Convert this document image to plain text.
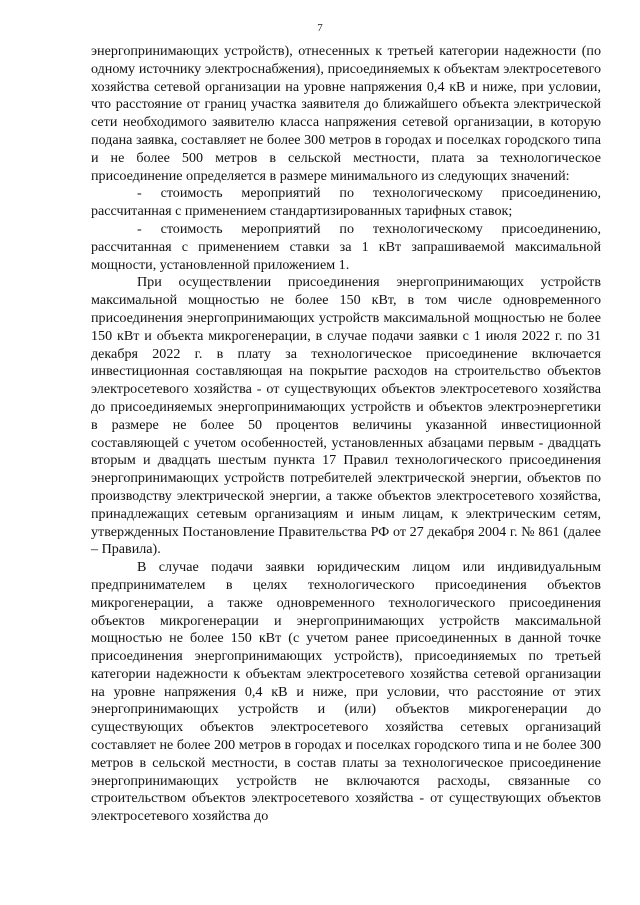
7

энергопринимающих устройств), отнесенных к третьей категории надежности (по одному источнику электроснабжения), присоединяемых к объектам электросетевого хозяйства сетевой организации на уровне напряжения 0,4 кВ и ниже, при условии, что расстояние от границ участка заявителя до ближайшего объекта электрической сети необходимого заявителю класса напряжения сетевой организации, в которую подана заявка, составляет не более 300 метров в городах и поселках городского типа и не более 500 метров в сельской местности, плата за технологическое присоединение определяется в размере минимального из следующих значений:

- стоимость мероприятий по технологическому присоединению, рассчитанная с применением стандартизированных тарифных ставок;

- стоимость мероприятий по технологическому присоединению, рассчитанная с применением ставки за 1 кВт запрашиваемой максимальной мощности, установленной приложением 1.

При осуществлении присоединения энергопринимающих устройств максимальной мощностью не более 150 кВт, в том числе одновременного присоединения энергопринимающих устройств максимальной мощностью не более 150 кВт и объекта микрогенерации, в случае подачи заявки с 1 июля 2022 г. по 31 декабря 2022 г. в плату за технологическое присоединение включается инвестиционная составляющая на покрытие расходов на строительство объектов электросетевого хозяйства - от существующих объектов электросетевого хозяйства до присоединяемых энергопринимающих устройств и объектов электроэнергетики в размере не более 50 процентов величины указанной инвестиционной составляющей с учетом особенностей, установленных абзацами первым - двадцать вторым и двадцать шестым пункта 17 Правил технологического присоединения энергопринимающих устройств потребителей электрической энергии, объектов по производству электрической энергии, а также объектов электросетевого хозяйства, принадлежащих сетевым организациям и иным лицам, к электрическим сетям, утвержденных Постановление Правительства РФ от 27 декабря 2004 г. № 861 (далее – Правила).

В случае подачи заявки юридическим лицом или индивидуальным предпринимателем в целях технологического присоединения объектов микрогенерации, а также одновременного технологического присоединения объектов микрогенерации и энергопринимающих устройств максимальной мощностью не более 150 кВт (с учетом ранее присоединенных в данной точке присоединения энергопринимающих устройств), присоединяемых по третьей категории надежности к объектам электросетевого хозяйства сетевой организации на уровне напряжения 0,4 кВ и ниже, при условии, что расстояние от этих энергопринимающих устройств и (или) объектов микрогенерации до существующих объектов электросетевого хозяйства сетевых организаций составляет не более 200 метров в городах и поселках городского типа и не более 300 метров в сельской местности, в состав платы за технологическое присоединение энергопринимающих устройств не включаются расходы, связанные со строительством объектов электросетевого хозяйства - от существующих объектов электросетевого хозяйства до
